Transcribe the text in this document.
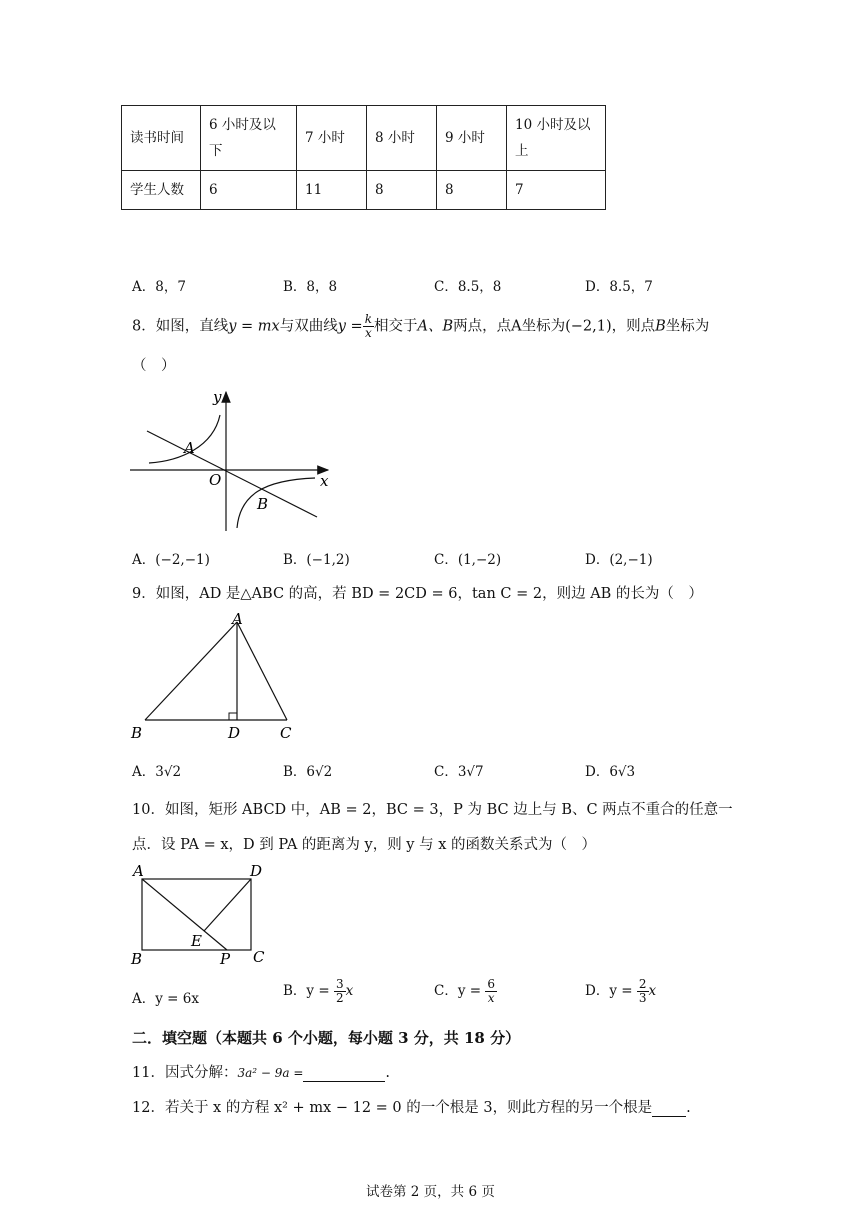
读书时间	6 小时及以下	7 小时	8 小时	9 小时	10 小时及以上
学生人数	6	11	8	8	7
A．8，7	B．8，8	C．8.5，8	D．8.5，7
8．如图，直线y = mx与双曲线$y = \frac{k}{x}$ 相交于A、B两点，点A坐标为(−2,1)，则点B坐标为
（　）
y
x
O
A
B
A．(−2,−1)	B．(−1,2)	C．(1,−2)	D．(2,−1)
9．如图，AD 是△ABC 的高，若 BD = 2CD = 6，tan C = 2，则边 AB 的长为（　）
A
B	D	C
A．3√2	B．6√2	C．3√7	D．6√3
10．如图，矩形 ABCD 中，AB = 2，BC = 3，P 为 BC 边上与 B、C 两点不重合的任意一
点．设 PA = x，D 到 PA 的距离为 y，则 y 与 x 的函数关系式为（　）
A	D
B	C
E
P
A．y = 6x	B．$y = \frac{3}{2}$ x	C．$y = \frac{6}{x}$	D．$y = \frac{2}{3}$ x
二．填空题（本题共 6 个小题，每小题 3 分，共 18 分）
11．因式分解：3a² − 9a =	.
12．若关于 x 的方程 x² + mx − 12 = 0 的一个根是 3，则此方程的另一个根是 .
试卷第 2 页，共 6 页
